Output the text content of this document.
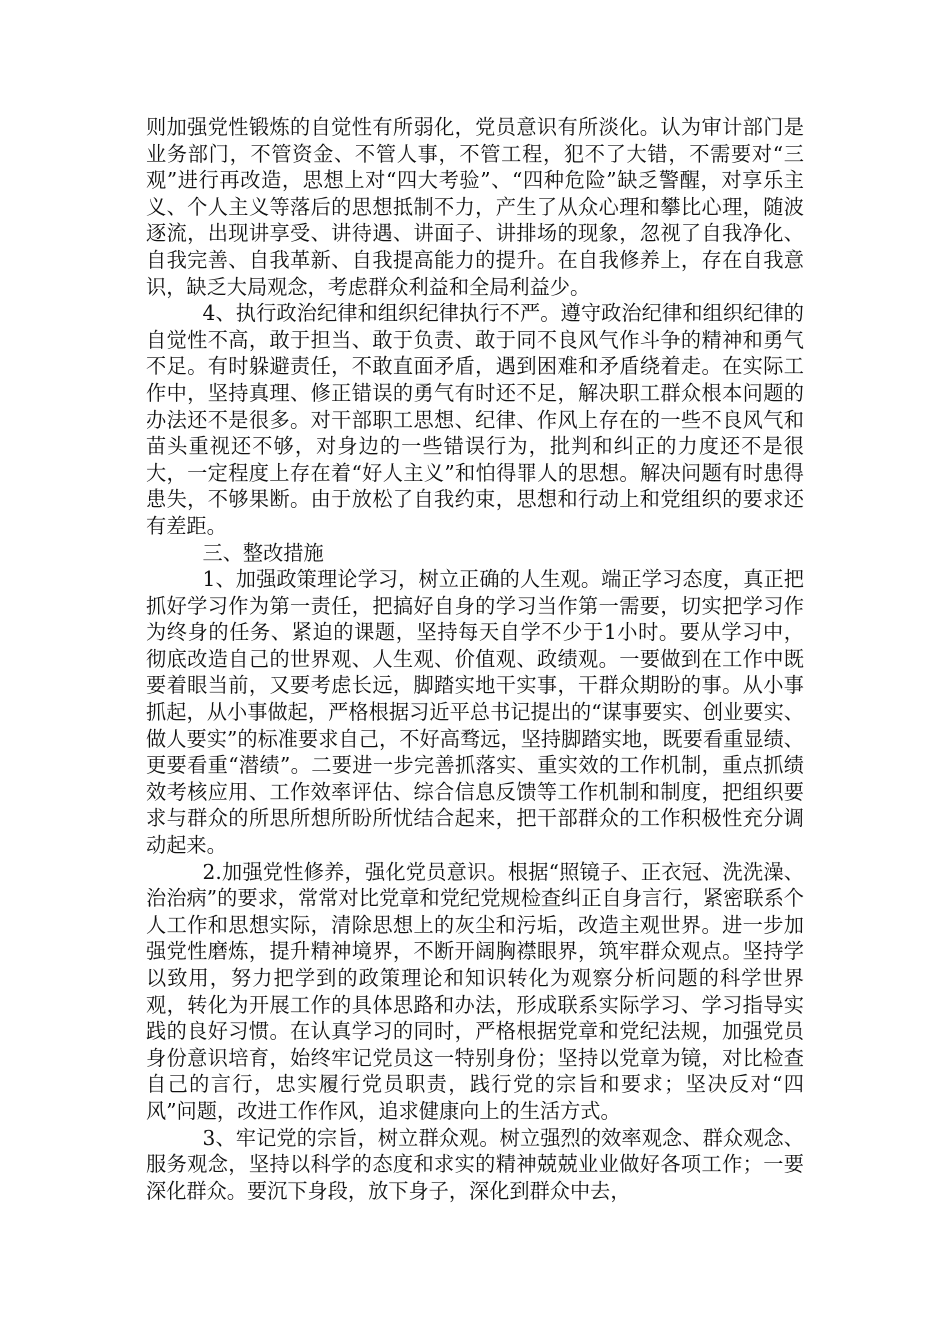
则加强党性锻炼的自觉性有所弱化，党员意识有所淡化。认为审计部门是业务部门，不管资金、不管人事，不管工程，犯不了大错，不需要对“三观”进行再改造，思想上对“四大考验”、“四种危险”缺乏警醒，对享乐主义、个人主义等落后的思想抵制不力，产生了从众心理和攀比心理，随波逐流，出现讲享受、讲待遇、讲面子、讲排场的现象，忽视了自我净化、自我完善、自我革新、自我提高能力的提升。在自我修养上，存在自我意识，缺乏大局观念，考虑群众利益和全局利益少。

4、执行政治纪律和组织纪律执行不严。遵守政治纪律和组织纪律的自觉性不高，敢于担当、敢于负责、敢于同不良风气作斗争的精神和勇气不足。有时躲避责任，不敢直面矛盾，遇到困难和矛盾绕着走。在实际工作中，坚持真理、修正错误的勇气有时还不足，解决职工群众根本问题的办法还不是很多。对干部职工思想、纪律、作风上存在的一些不良风气和苗头重视还不够，对身边的一些错误行为，批判和纠正的力度还不是很大，一定程度上存在着“好人主义”和怕得罪人的思想。解决问题有时患得患失，不够果断。由于放松了自我约束，思想和行动上和党组织的要求还有差距。

三、整改措施

1、加强政策理论学习，树立正确的人生观。端正学习态度，真正把抓好学习作为第一责任，把搞好自身的学习当作第一需要，切实把学习作为终身的任务、紧迫的课题，坚持每天自学不少于1小时。要从学习中，彻底改造自己的世界观、人生观、价值观、政绩观。一要做到在工作中既要着眼当前，又要考虑长远，脚踏实地干实事，干群众期盼的事。从小事抓起，从小事做起，严格根据习近平总书记提出的“谋事要实、创业要实、做人要实”的标准要求自己，不好高骛远，坚持脚踏实地，既要看重显绩、更要看重“潜绩”。二要进一步完善抓落实、重实效的工作机制，重点抓绩效考核应用、工作效率评估、综合信息反馈等工作机制和制度，把组织要求与群众的所思所想所盼所忧结合起来，把干部群众的工作积极性充分调动起来。

2.加强党性修养，强化党员意识。根据“照镜子、正衣冠、洗洗澡、治治病”的要求，常常对比党章和党纪党规检查纠正自身言行，紧密联系个人工作和思想实际，清除思想上的灰尘和污垢，改造主观世界。进一步加强党性磨炼，提升精神境界，不断开阔胸襟眼界，筑牢群众观点。坚持学以致用，努力把学到的政策理论和知识转化为观察分析问题的科学世界观，转化为开展工作的具体思路和办法，形成联系实际学习、学习指导实践的良好习惯。在认真学习的同时，严格根据党章和党纪法规，加强党员身份意识培育，始终牢记党员这一特别身份；坚持以党章为镜，对比检查自己的言行，忠实履行党员职责，践行党的宗旨和要求；坚决反对“四风”问题，改进工作作风，追求健康向上的生活方式。

3、牢记党的宗旨，树立群众观。树立强烈的效率观念、群众观念、服务观念，坚持以科学的态度和求实的精神兢兢业业做好各项工作；一要深化群众。要沉下身段，放下身子，深化到群众中去，
